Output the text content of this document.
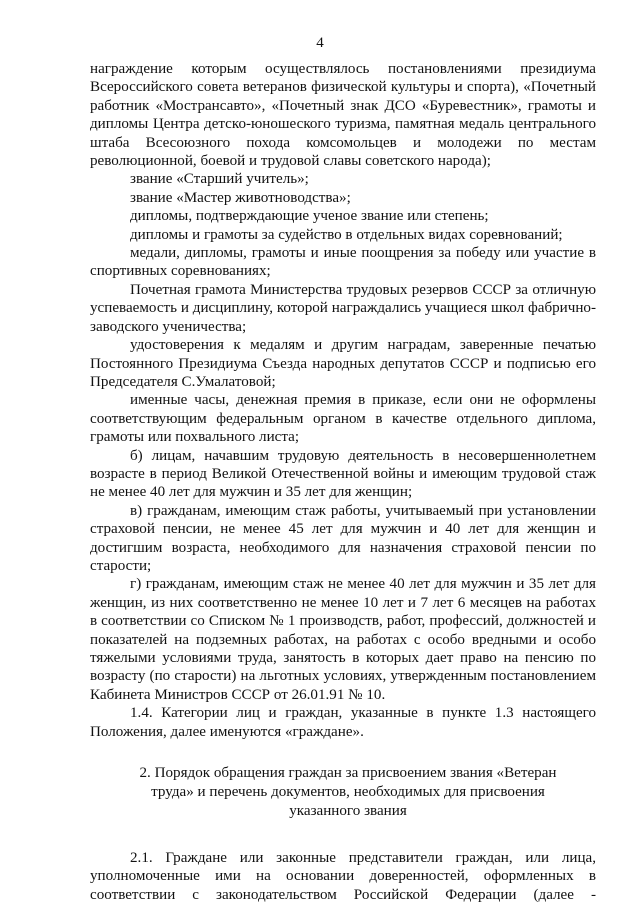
4

награждение которым осуществлялось постановлениями президиума Всероссийского совета ветеранов физической культуры и спорта), «Почетный работник «Мострансавто», «Почетный знак ДСО «Буревестник», грамоты и дипломы Центра детско-юношеского туризма, памятная медаль центрального штаба Всесоюзного похода комсомольцев и молодежи по местам революционной, боевой и трудовой славы советского народа);

звание «Старший учитель»;

звание «Мастер животноводства»;

дипломы, подтверждающие ученое звание или степень;

дипломы и грамоты за судейство в отдельных видах соревнований;

медали, дипломы, грамоты и иные поощрения за победу или участие в спортивных соревнованиях;

Почетная грамота Министерства трудовых резервов СССР за отличную успеваемость и дисциплину, которой награждались учащиеся школ фабрично-заводского ученичества;

удостоверения к медалям и другим наградам, заверенные печатью Постоянного Президиума Съезда народных депутатов СССР и подписью его Председателя С.Умалатовой;

именные часы, денежная премия в приказе, если они не оформлены соответствующим федеральным органом в качестве отдельного диплома, грамоты или похвального листа;

б) лицам, начавшим трудовую деятельность в несовершеннолетнем возрасте в период Великой Отечественной войны и имеющим трудовой стаж не менее 40 лет для мужчин и 35 лет для женщин;

в) гражданам, имеющим стаж работы, учитываемый при установлении страховой пенсии, не менее 45 лет для мужчин и 40 лет для женщин и достигшим возраста, необходимого для назначения страховой пенсии по старости;

г) гражданам, имеющим стаж не менее 40 лет для мужчин и 35 лет для женщин, из них соответственно не менее 10 лет и 7 лет 6 месяцев на работах в соответствии со Списком № 1 производств, работ, профессий, должностей и показателей на подземных работах, на работах с особо вредными и особо тяжелыми условиями труда, занятость в которых дает право на пенсию по возрасту (по старости) на льготных условиях, утвержденным постановлением Кабинета Министров СССР от 26.01.91 № 10.

1.4. Категории лиц и граждан, указанные в пункте 1.3 настоящего Положения, далее именуются «граждане».

2. Порядок обращения граждан за присвоением звания «Ветеран
труда» и перечень документов, необходимых для присвоения
указанного звания

2.1. Граждане или законные представители граждан, или лица, уполномоченные ими на основании доверенностей, оформленных в соответствии с законодательством Российской Федерации (далее -
